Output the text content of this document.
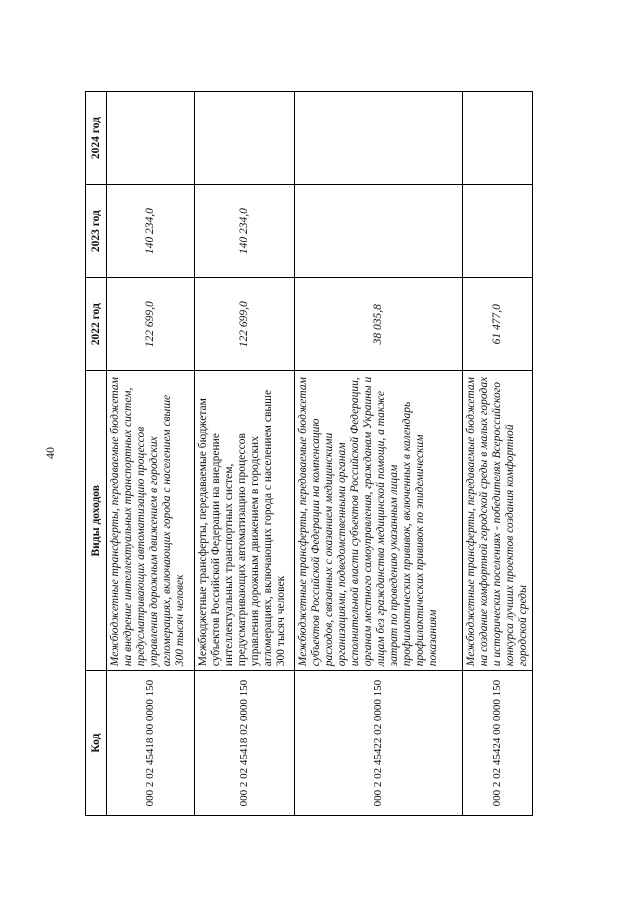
40
Код	Виды доходов	2022 год	2023 год	2024 год
000 2 02 45418 00 0000 150	Межбюджетные трансферты, передаваемые бюджетам на внедрение интеллектуальных транспортных систем, предусматривающих автоматизацию процессов управления дорожным движением в городских агломерациях, включающих города с населением свыше 300 тысяч человек	122 699,0	140 234,0	
000 2 02 45418 02 0000 150	Межбюджетные трансферты, передаваемые бюджетам субъектов Российской Федерации на внедрение интеллектуальных транспортных систем, предусматривающих автоматизацию процессов управления дорожным движением в городских агломерациях, включающих города с населением свыше 300 тысяч человек	122 699,0	140 234,0	
000 2 02 45422 02 0000 150	Межбюджетные трансферты, передаваемые бюджетам субъектов Российской Федерации на компенсацию расходов, связанных с оказанием медицинскими организациями, подведомственными органам исполнительной власти субъектов Российской Федерации, органам местного самоуправления, гражданам Украины и лицам без гражданства медицинской помощи, а также затрат по проведению указанным лицам профилактических прививок, включенных в календарь профилактических прививок по эпидемическим показаниям	38 035,8		
000 2 02 45424 00 0000 150	Межбюджетные трансферты, передаваемые бюджетам на создание комфортной городской среды в малых городах и исторических поселениях - победителях Всероссийского конкурса лучших проектов создания комфортной городской среды	61 477,0		
